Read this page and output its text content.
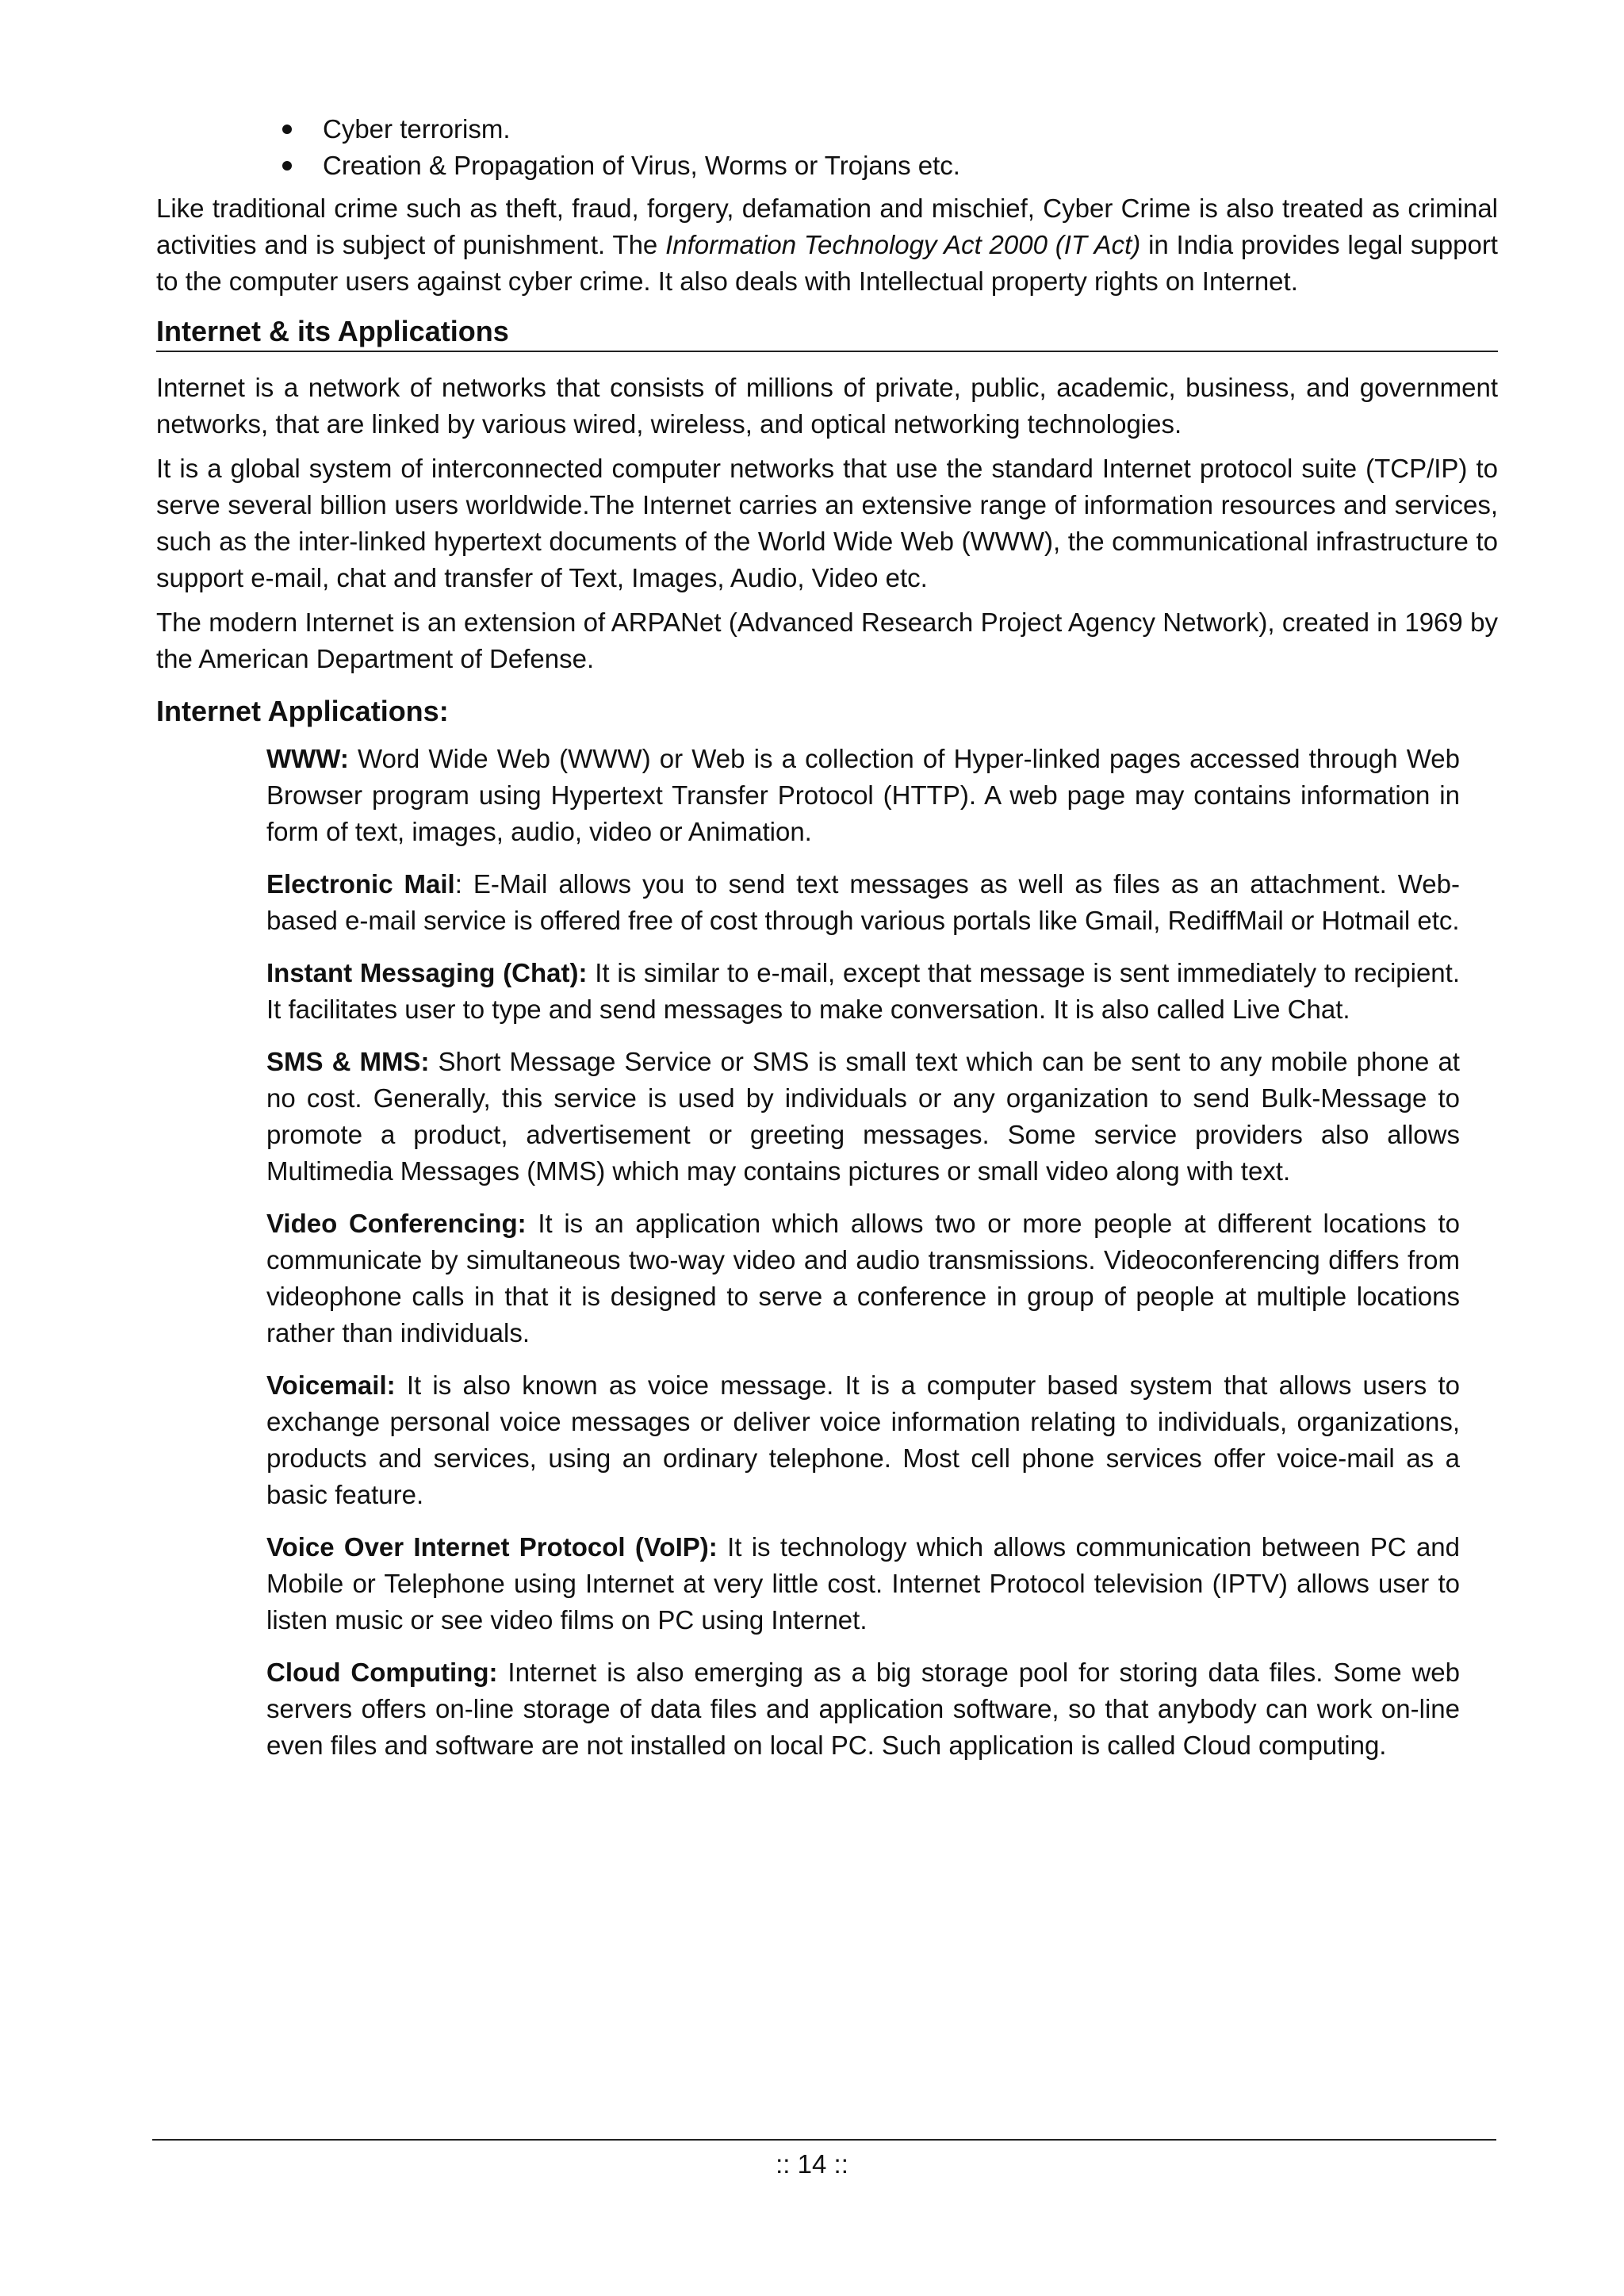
Cyber terrorism.
Creation & Propagation of Virus, Worms or Trojans etc.

Like traditional crime such as theft, fraud, forgery, defamation and mischief, Cyber Crime is also treated as criminal activities and is subject of punishment. The Information Technology Act 2000 (IT Act) in India provides legal support to the computer users against cyber crime. It also deals with Intellectual property rights on Internet.

Internet & its Applications

Internet is a network of networks that consists of millions of private, public, academic, business, and government networks, that are linked by various wired, wireless, and optical networking technologies.

It is a global system of interconnected computer networks that use the standard Internet protocol suite (TCP/IP) to serve several billion users worldwide.The Internet carries an extensive range of information resources and services, such as the inter-linked hypertext documents of the World Wide Web (WWW), the communicational infrastructure to support e-mail, chat and transfer of Text, Images, Audio, Video etc.

The modern Internet is an extension of ARPANet (Advanced Research Project Agency Network), created in 1969 by the American Department of Defense.

Internet Applications:

WWW: Word Wide Web (WWW) or Web is a collection of Hyper-linked pages accessed through Web Browser program using Hypertext Transfer Protocol (HTTP). A web page may contains information in form of text, images, audio, video or Animation.

Electronic Mail: E-Mail allows you to send text messages as well as files as an attachment. Web-based e-mail service is offered free of cost through various portals like Gmail, RediffMail or Hotmail etc.

Instant Messaging (Chat): It is similar to e-mail, except that message is sent immediately to recipient. It facilitates user to type and send messages to make conversation. It is also called Live Chat.

SMS & MMS: Short Message Service or SMS is small text which can be sent to any mobile phone at no cost. Generally, this service is used by individuals or any organization to send Bulk-Message to promote a product, advertisement or greeting messages. Some service providers also allows Multimedia Messages (MMS) which may contains pictures or small video along with text.

Video Conferencing: It is an application which allows two or more people at different locations to communicate by simultaneous two-way video and audio transmissions. Videoconferencing differs from videophone calls in that it is designed to serve a conference in group of people at multiple locations rather than individuals.

Voicemail: It is also known as voice message. It is a computer based system that allows users to exchange personal voice messages or deliver voice information relating to individuals, organizations, products and services, using an ordinary telephone. Most cell phone services offer voice-mail as a basic feature.

Voice Over Internet Protocol (VoIP): It is technology which allows communication between PC and Mobile or Telephone using Internet at very little cost. Internet Protocol television (IPTV) allows user to listen music or see video films on PC using Internet.

Cloud Computing: Internet is also emerging as a big storage pool for storing data files. Some web servers offers on-line storage of data files and application software, so that anybody can work on-line even files and software are not installed on local PC. Such application is called Cloud computing.

:: 14 ::
